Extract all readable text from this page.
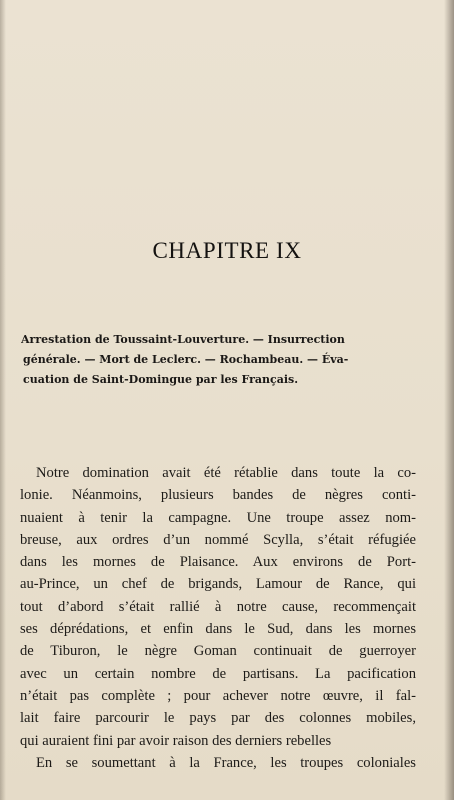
CHAPITRE IX
Arrestation de Toussaint-Louverture. — Insurrection
générale. — Mort de Leclerc. — Rochambeau. — Éva-
cuation de Saint-Domingue par les Français.
Notre domination avait été rétablie dans toute la co-
lonie. Néanmoins, plusieurs bandes de nègres conti-
nuaient à tenir la campagne. Une troupe assez nom-
breuse, aux ordres d’un nommé Scylla, s’était réfugiée
dans les mornes de Plaisance. Aux environs de Port-
au-Prince, un chef de brigands, Lamour de Rance, qui
tout d’abord s’était rallié à notre cause, recommençait
ses déprédations, et enfin dans le Sud, dans les mornes
de Tiburon, le nègre Goman continuait de guerroyer
avec un certain nombre de partisans. La pacification
n’était pas complète ; pour achever notre œuvre, il fal-
lait faire parcourir le pays par des colonnes mobiles,
qui auraient fini par avoir raison des derniers rebelles
En se soumettant à la France, les troupes coloniales
